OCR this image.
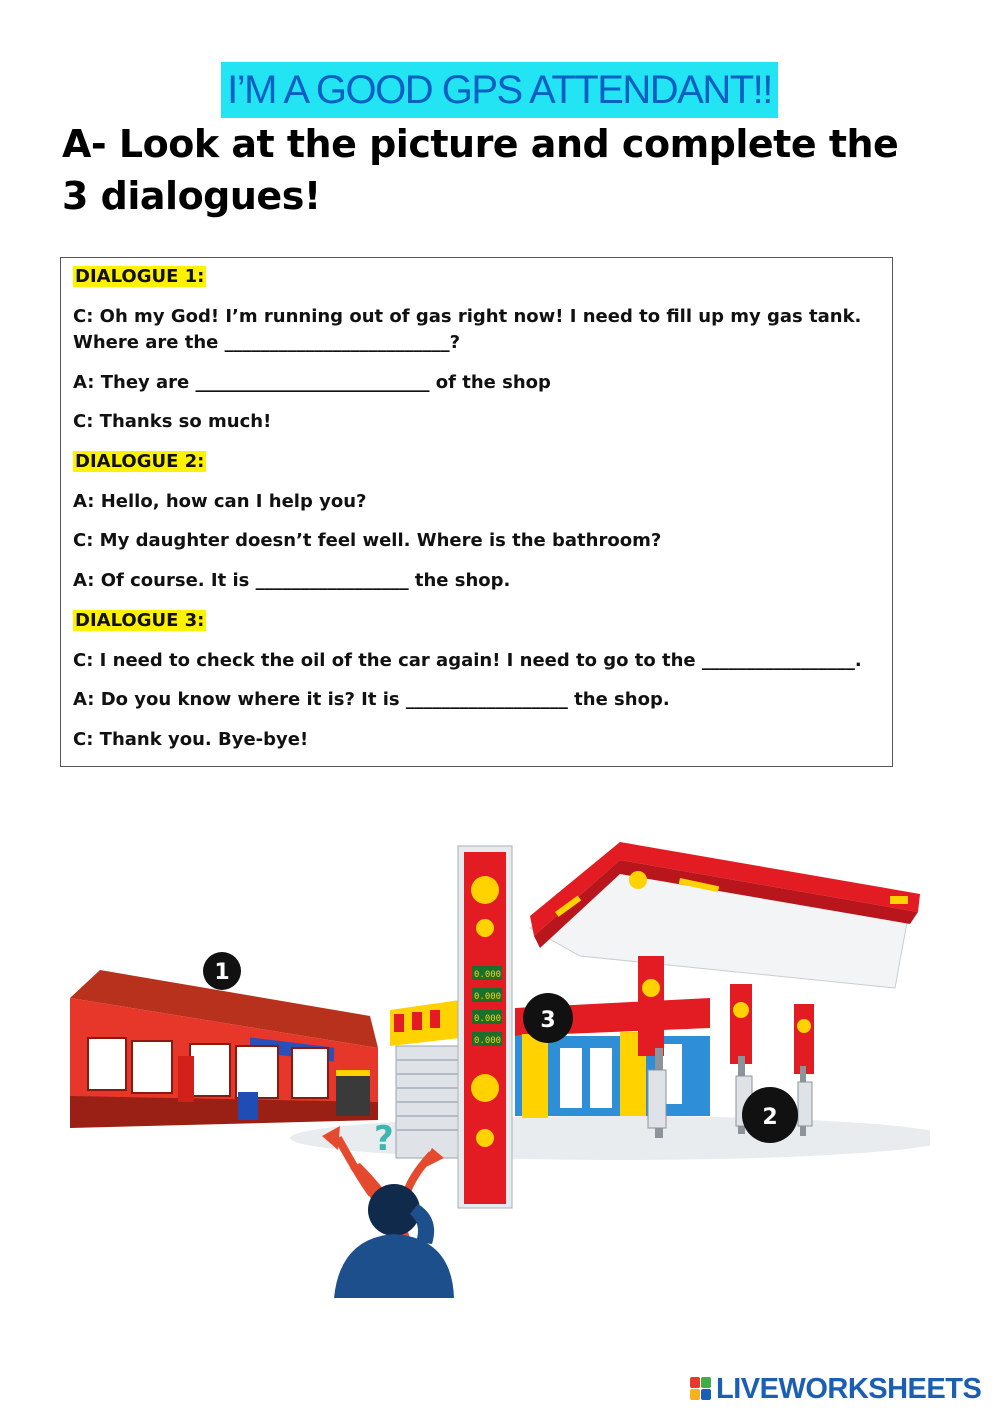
I’M A GOOD GPS ATTENDANT!!
A- Look at the picture and complete the 3 dialogues!
DIALOGUE 1:
C: Oh my God! I’m running out of gas right now! I need to fill up my gas tank. Where are the _________________________?
A: They are __________________________ of the shop
C: Thanks so much!
DIALOGUE 2:
A: Hello, how can I help you?
C: My daughter doesn’t feel well. Where is the bathroom?
A: Of course. It is _________________ the shop.
DIALOGUE 3:
C: I need to check the oil of the car again! I need to go to the _________________.
A: Do you know where it is? It is __________________ the shop.
C: Thank you. Bye-bye!
0.000
0.000
0.000
0.000
?
1
3
2
LIVEWORKSHEETS
